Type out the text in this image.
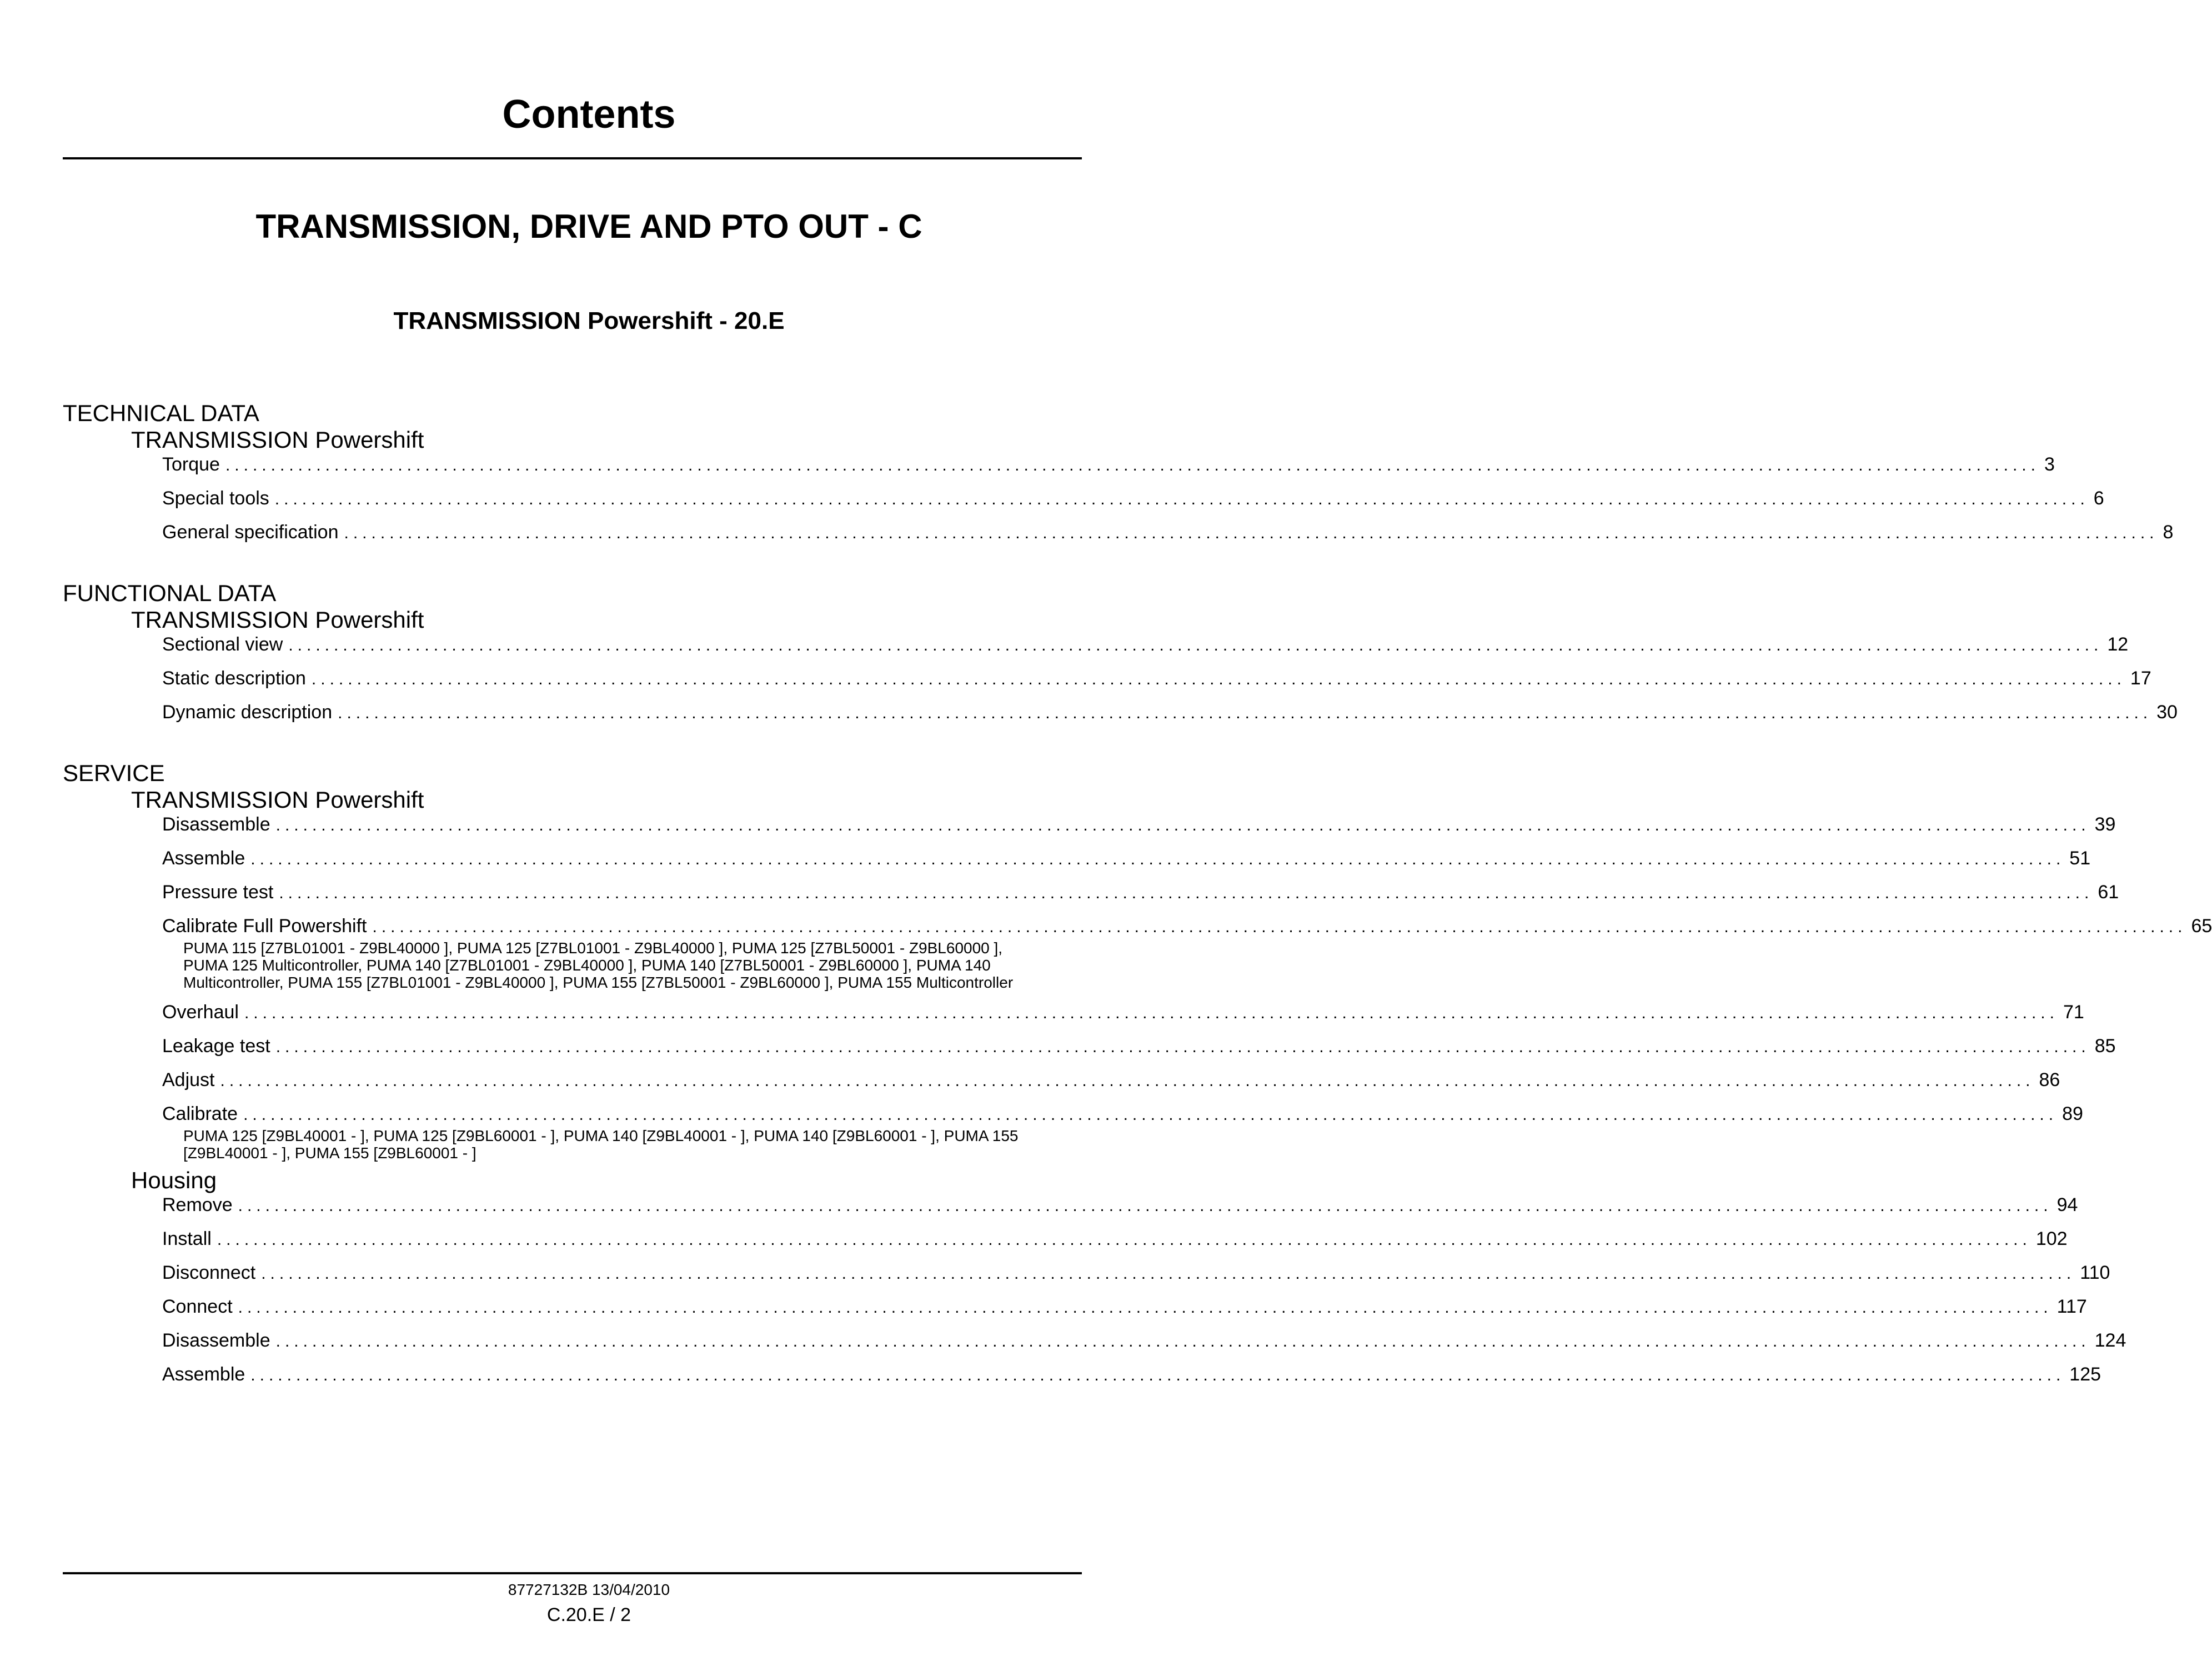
Contents
TRANSMISSION, DRIVE AND PTO OUT - C
TRANSMISSION Powershift - 20.E
TECHNICAL DATA
TRANSMISSION Powershift
Torque ........................................................................................................................................................................................................ 3
Special tools ........................................................................................................................................................................................................ 6
General specification ........................................................................................................................................................................................................ 8
FUNCTIONAL DATA
TRANSMISSION Powershift
Sectional view ........................................................................................................................................................................................................ 12
Static description ........................................................................................................................................................................................................ 17
Dynamic description ........................................................................................................................................................................................................ 30
SERVICE
TRANSMISSION Powershift
Disassemble ........................................................................................................................................................................................................ 39
Assemble ........................................................................................................................................................................................................ 51
Pressure test ........................................................................................................................................................................................................ 61
Calibrate Full Powershift ........................................................................................................................................................................................................ 65
PUMA 115 [Z7BL01001 - Z9BL40000 ], PUMA 125 [Z7BL01001 - Z9BL40000 ], PUMA 125 [Z7BL50001 - Z9BL60000 ],
PUMA 125 Multicontroller, PUMA 140 [Z7BL01001 - Z9BL40000 ], PUMA 140 [Z7BL50001 - Z9BL60000 ], PUMA 140
Multicontroller, PUMA 155 [Z7BL01001 - Z9BL40000 ], PUMA 155 [Z7BL50001 - Z9BL60000 ], PUMA 155 Multicontroller
Overhaul ........................................................................................................................................................................................................ 71
Leakage test ........................................................................................................................................................................................................ 85
Adjust ........................................................................................................................................................................................................ 86
Calibrate ........................................................................................................................................................................................................ 89
PUMA 125 [Z9BL40001 - ], PUMA 125 [Z9BL60001 - ], PUMA 140 [Z9BL40001 - ], PUMA 140 [Z9BL60001 - ], PUMA 155
[Z9BL40001 - ], PUMA 155 [Z9BL60001 - ]
Housing
Remove ........................................................................................................................................................................................................ 94
Install ........................................................................................................................................................................................................ 102
Disconnect ........................................................................................................................................................................................................ 110
Connect ........................................................................................................................................................................................................ 117
Disassemble ........................................................................................................................................................................................................ 124
Assemble ........................................................................................................................................................................................................ 125
87727132B 13/04/2010
C.20.E / 2
